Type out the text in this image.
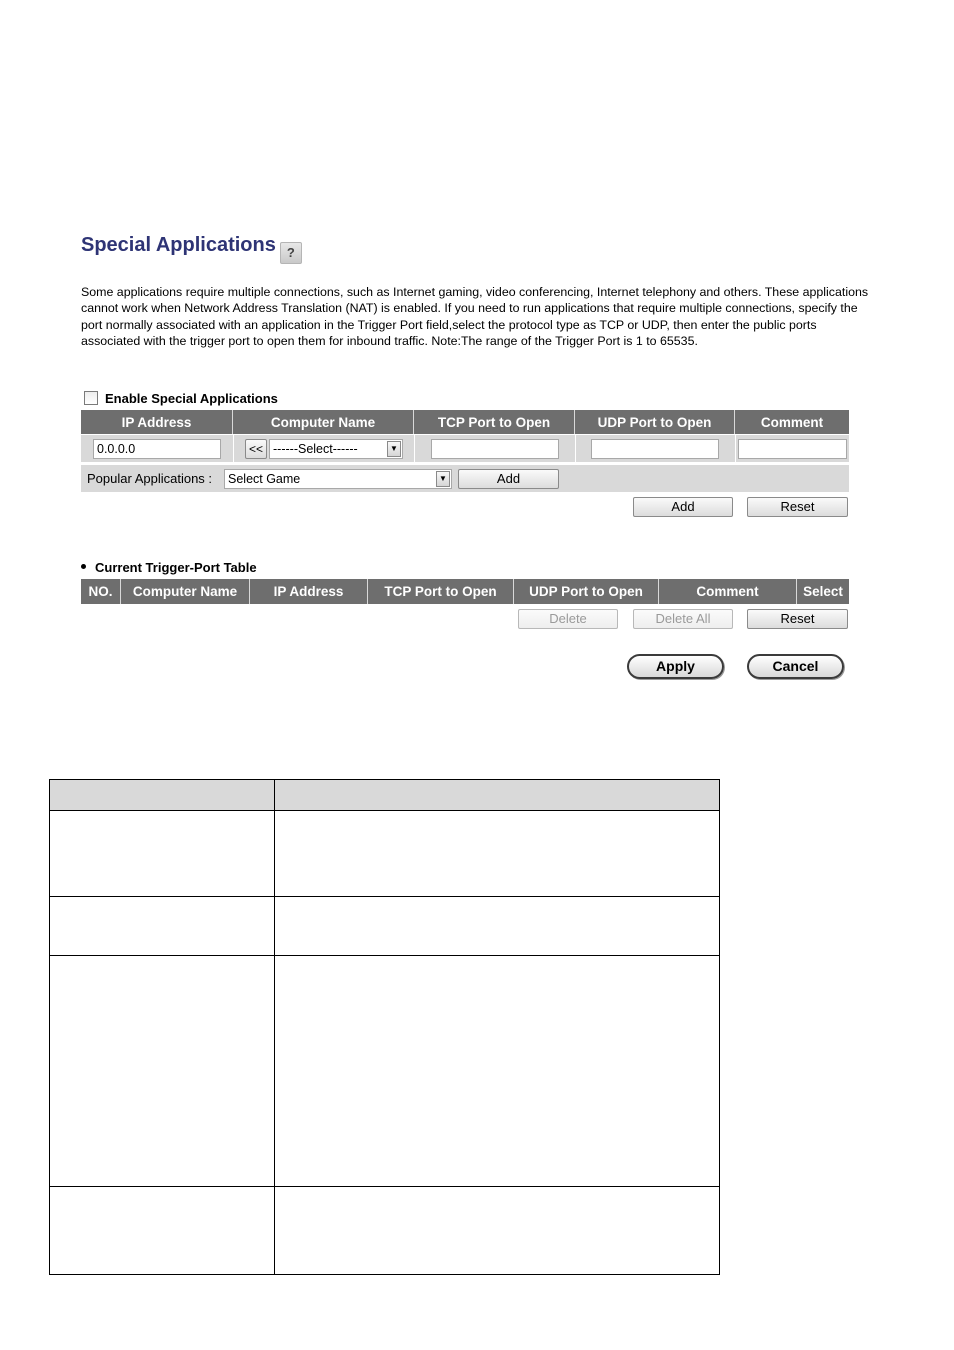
Special Applications ?
Some applications require multiple connections, such as Internet gaming, video conferencing, Internet telephony and others. These applications cannot work when Network Address Translation (NAT) is enabled. If you need to run applications that require multiple connections, specify the port normally associated with an application in the Trigger Port field,select the protocol type as TCP or UDP, then enter the public ports associated with the trigger port to open them for inbound traffic. Note:The range of the Trigger Port is 1 to 65535.
Enable Special Applications
IP Address	Computer Name	TCP Port to Open	UDP Port to Open	Comment
0.0.0.0	<< ------Select------	▼
Popular Applications :	Select Game	▼	Add
Add	Reset
Current Trigger-Port Table
NO.	Computer Name	IP Address	TCP Port to Open	UDP Port to Open	Comment	Select
Delete	Delete All	Reset
Apply	Cancel
